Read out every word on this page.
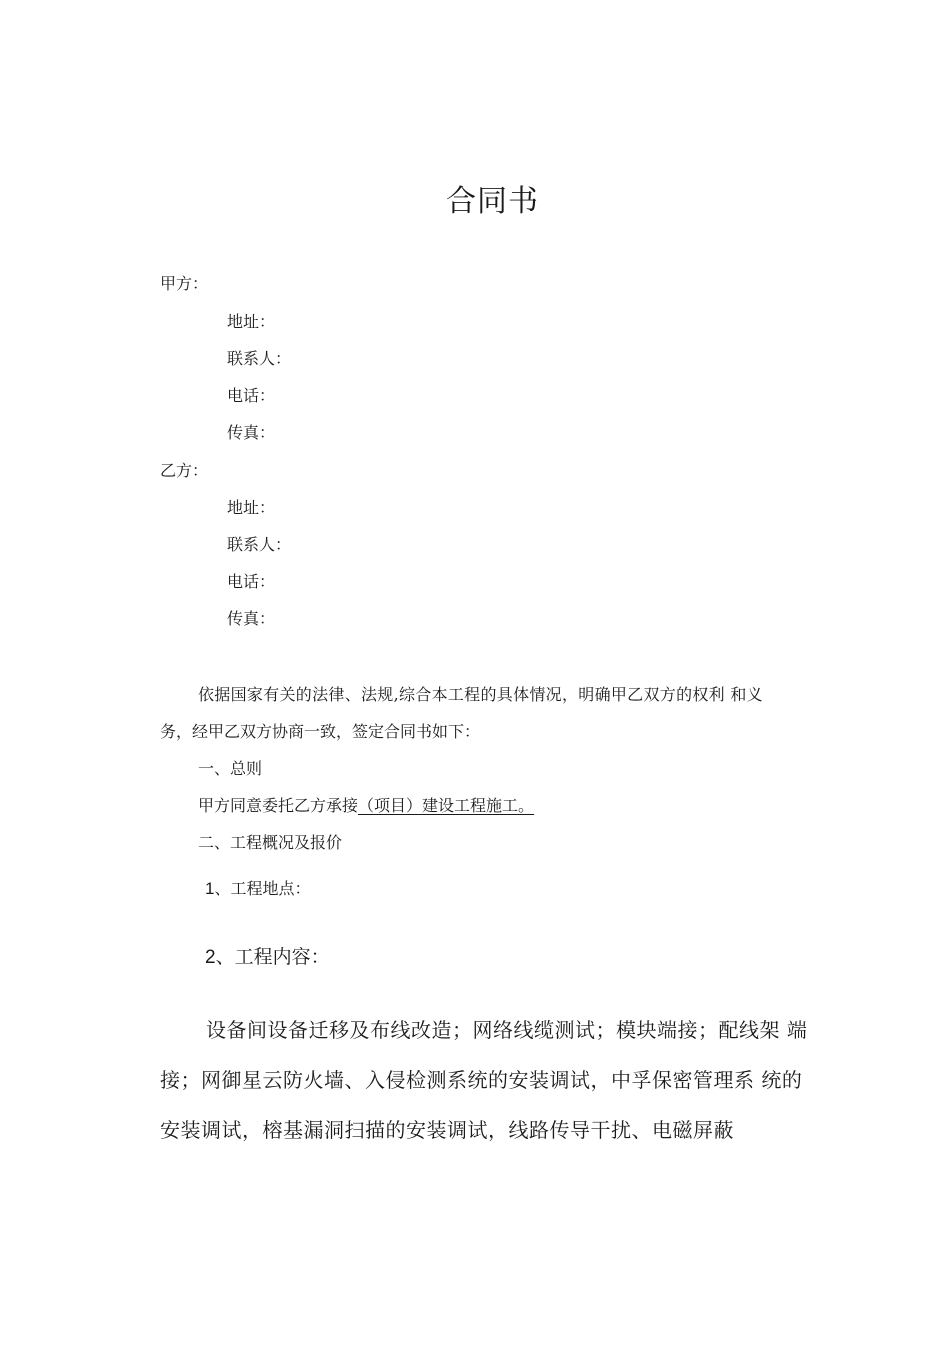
合同书
甲方：
地址：
联系人：
电话：
传真：
乙方：
地址：
联系人：
电话：
传真：
依据国家有关的法律、法规,综合本工程的具体情况，明确甲乙双方的权利 和义
务，经甲乙双方协商一致，签定合同书如下：
一、总则
甲方同意委托乙方承接（项目）建设工程施工。
二、工程概况及报价
1、工程地点：
2、工程内容：
设备间设备迁移及布线改造；网络线缆测试；模块端接；配线架 端
接；网御星云防火墙、入侵检测系统的安装调试，中孚保密管理系 统的
安装调试，榕基漏洞扫描的安装调试，线路传导干扰、电磁屏蔽
